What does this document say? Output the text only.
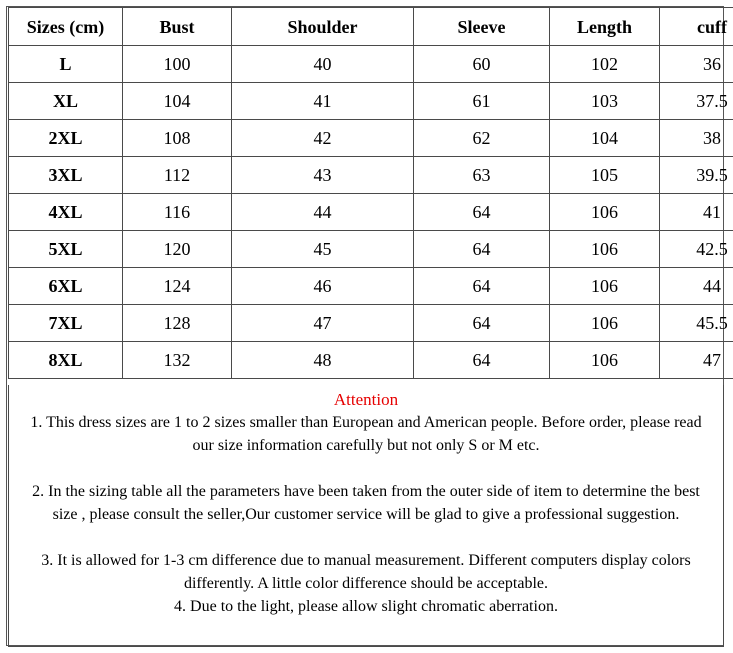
Sizes (cm)	Bust	Shoulder	Sleeve	Length	cuff
L	100	40	60	102	36
XL	104	41	61	103	37.5
2XL	108	42	62	104	38
3XL	112	43	63	105	39.5
4XL	116	44	64	106	41
5XL	120	45	64	106	42.5
6XL	124	46	64	106	44
7XL	128	47	64	106	45.5
8XL	132	48	64	106	47
Attention

1. This dress sizes are 1 to 2 sizes smaller than European and American people. Before order, please read our size information carefully but not only S or M etc.

2. In the sizing table all the parameters have been taken from the outer side of item to determine the best size , please consult the seller,Our customer service will be glad to give a professional suggestion.

3. It is allowed for 1-3 cm difference due to manual measurement. Different computers display colors differently. A little color difference should be acceptable.

4. Due to the light, please allow slight chromatic aberration.
